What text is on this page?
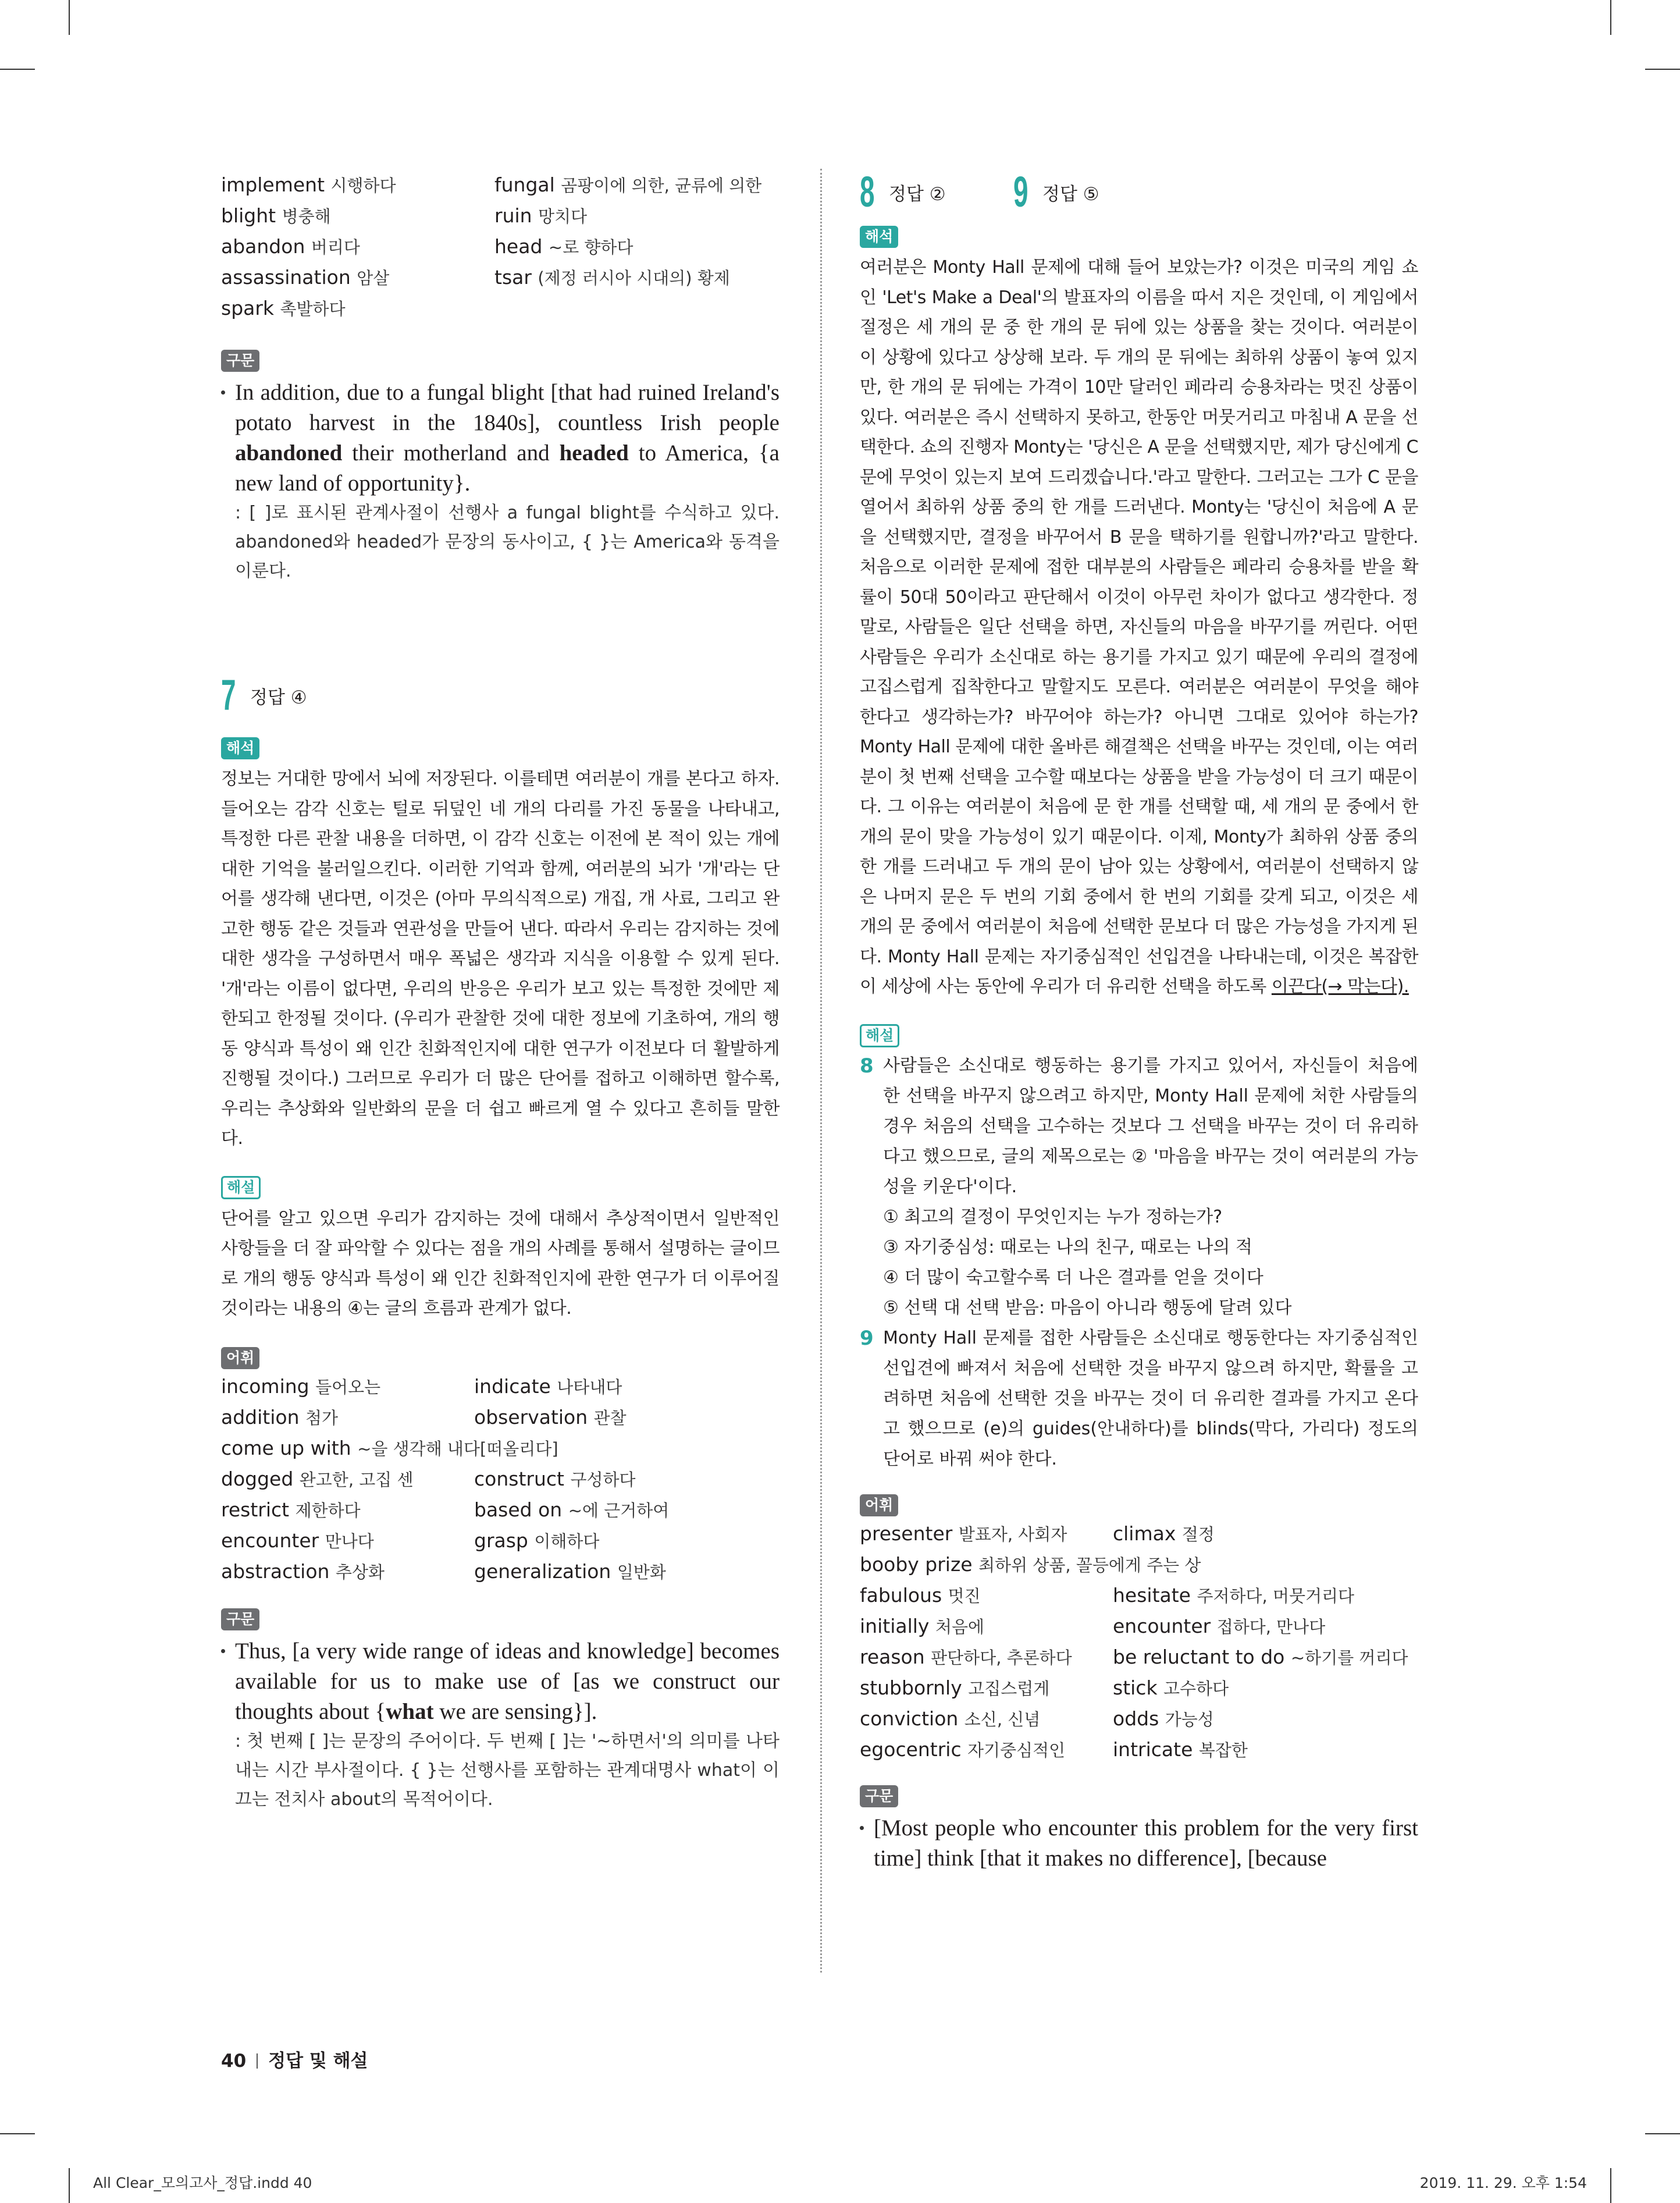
implement 시행하다	fungal 곰팡이에 의한, 균류에 의한
blight 병충해	ruin 망치다
abandon 버리다	head ~로 향하다
assassination 암살	tsar (제정 러시아 시대의) 황제
spark 촉발하다
구문
In addition, due to a fungal blight [that had ruined Ireland's potato harvest in the 1840s], countless Irish people abandoned their motherland and headed to America, {a new land of opportunity}.
: [ ]로 표시된 관계사절이 선행사 a fungal blight를 수식하고 있다. abandoned와 headed가 문장의 동사이고, { }는 America와 동격을 이룬다.
7 정답 ④
해석
정보는 거대한 망에서 뇌에 저장된다. 이를테면 여러분이 개를 본다고 하자. 들어오는 감각 신호는 털로 뒤덮인 네 개의 다리를 가진 동물을 나타내고, 특정한 다른 관찰 내용을 더하면, 이 감각 신호는 이전에 본 적이 있는 개에 대한 기억을 불러일으킨다. 이러한 기억과 함께, 여러분의 뇌가 '개'라는 단어를 생각해 낸다면, 이것은 (아마 무의식적으로) 개집, 개 사료, 그리고 완고한 행동 같은 것들과 연관성을 만들어 낸다. 따라서 우리는 감지하는 것에 대한 생각을 구성하면서 매우 폭넓은 생각과 지식을 이용할 수 있게 된다. '개'라는 이름이 없다면, 우리의 반응은 우리가 보고 있는 특정한 것에만 제한되고 한정될 것이다. (우리가 관찰한 것에 대한 정보에 기초하여, 개의 행동 양식과 특성이 왜 인간 친화적인지에 대한 연구가 이전보다 더 활발하게 진행될 것이다.) 그러므로 우리가 더 많은 단어를 접하고 이해하면 할수록, 우리는 추상화와 일반화의 문을 더 쉽고 빠르게 열 수 있다고 흔히들 말한다.
해설
단어를 알고 있으면 우리가 감지하는 것에 대해서 추상적이면서 일반적인 사항들을 더 잘 파악할 수 있다는 점을 개의 사례를 통해서 설명하는 글이므로 개의 행동 양식과 특성이 왜 인간 친화적인지에 관한 연구가 더 이루어질 것이라는 내용의 ④는 글의 흐름과 관계가 없다.
어휘
incoming 들어오는	indicate 나타내다
addition 첨가	observation 관찰
come up with ~을 생각해 내다[떠올리다]
dogged 완고한, 고집 센	construct 구성하다
restrict 제한하다	based on ~에 근거하여
encounter 만나다	grasp 이해하다
abstraction 추상화	generalization 일반화
구문
Thus, [a very wide range of ideas and knowledge] becomes available for us to make use of [as we construct our thoughts about {what we are sensing}].
: 첫 번째 [ ]는 문장의 주어이다. 두 번째 [ ]는 '~하면서'의 의미를 나타내는 시간 부사절이다. { }는 선행사를 포함하는 관계대명사 what이 이끄는 전치사 about의 목적어이다.
8 정답 ②	9 정답 ⑤
해석
여러분은 Monty Hall 문제에 대해 들어 보았는가? 이것은 미국의 게임 쇼인 'Let's Make a Deal'의 발표자의 이름을 따서 지은 것인데, 이 게임에서 절정은 세 개의 문 중 한 개의 문 뒤에 있는 상품을 찾는 것이다. 여러분이 이 상황에 있다고 상상해 보라. 두 개의 문 뒤에는 최하위 상품이 놓여 있지만, 한 개의 문 뒤에는 가격이 10만 달러인 페라리 승용차라는 멋진 상품이 있다. 여러분은 즉시 선택하지 못하고, 한동안 머뭇거리고 마침내 A 문을 선택한다. 쇼의 진행자 Monty는 '당신은 A 문을 선택했지만, 제가 당신에게 C 문에 무엇이 있는지 보여 드리겠습니다.'라고 말한다. 그러고는 그가 C 문을 열어서 최하위 상품 중의 한 개를 드러낸다. Monty는 '당신이 처음에 A 문을 선택했지만, 결정을 바꾸어서 B 문을 택하기를 원합니까?'라고 말한다. 처음으로 이러한 문제에 접한 대부분의 사람들은 페라리 승용차를 받을 확률이 50대 50이라고 판단해서 이것이 아무런 차이가 없다고 생각한다. 정말로, 사람들은 일단 선택을 하면, 자신들의 마음을 바꾸기를 꺼린다. 어떤 사람들은 우리가 소신대로 하는 용기를 가지고 있기 때문에 우리의 결정에 고집스럽게 집착한다고 말할지도 모른다. 여러분은 여러분이 무엇을 해야 한다고 생각하는가? 바꾸어야 하는가? 아니면 그대로 있어야 하는가? Monty Hall 문제에 대한 올바른 해결책은 선택을 바꾸는 것인데, 이는 여러분이 첫 번째 선택을 고수할 때보다는 상품을 받을 가능성이 더 크기 때문이다. 그 이유는 여러분이 처음에 문 한 개를 선택할 때, 세 개의 문 중에서 한 개의 문이 맞을 가능성이 있기 때문이다. 이제, Monty가 최하위 상품 중의 한 개를 드러내고 두 개의 문이 남아 있는 상황에서, 여러분이 선택하지 않은 나머지 문은 두 번의 기회 중에서 한 번의 기회를 갖게 되고, 이것은 세 개의 문 중에서 여러분이 처음에 선택한 문보다 더 많은 가능성을 가지게 된다. Monty Hall 문제는 자기중심적인 선입견을 나타내는데, 이것은 복잡한 이 세상에 사는 동안에 우리가 더 유리한 선택을 하도록 이끈다(→ 막는다).
해설
8 사람들은 소신대로 행동하는 용기를 가지고 있어서, 자신들이 처음에 한 선택을 바꾸지 않으려고 하지만, Monty Hall 문제에 처한 사람들의 경우 처음의 선택을 고수하는 것보다 그 선택을 바꾸는 것이 더 유리하다고 했으므로, 글의 제목으로는 ② '마음을 바꾸는 것이 여러분의 가능성을 키운다'이다.
① 최고의 결정이 무엇인지는 누가 정하는가?
③ 자기중심성: 때로는 나의 친구, 때로는 나의 적
④ 더 많이 숙고할수록 더 나은 결과를 얻을 것이다
⑤ 선택 대 선택 받음: 마음이 아니라 행동에 달려 있다
9 Monty Hall 문제를 접한 사람들은 소신대로 행동한다는 자기중심적인 선입견에 빠져서 처음에 선택한 것을 바꾸지 않으려 하지만, 확률을 고려하면 처음에 선택한 것을 바꾸는 것이 더 유리한 결과를 가지고 온다고 했으므로 (e)의 guides(안내하다)를 blinds(막다, 가리다) 정도의 단어로 바꿔 써야 한다.
어휘
presenter 발표자, 사회자	climax 절정
booby prize 최하위 상품, 꼴등에게 주는 상
fabulous 멋진	hesitate 주저하다, 머뭇거리다
initially 처음에	encounter 접하다, 만나다
reason 판단하다, 추론하다	be reluctant to do ~하기를 꺼리다
stubbornly 고집스럽게	stick 고수하다
conviction 소신, 신념	odds 가능성
egocentric 자기중심적인	intricate 복잡한
구문
[Most people who encounter this problem for the very first time] think [that it makes no difference], [because
40 정답 및 해설
All Clear_모의고사_정답.indd 40	2019. 11. 29. 오후 1:54
